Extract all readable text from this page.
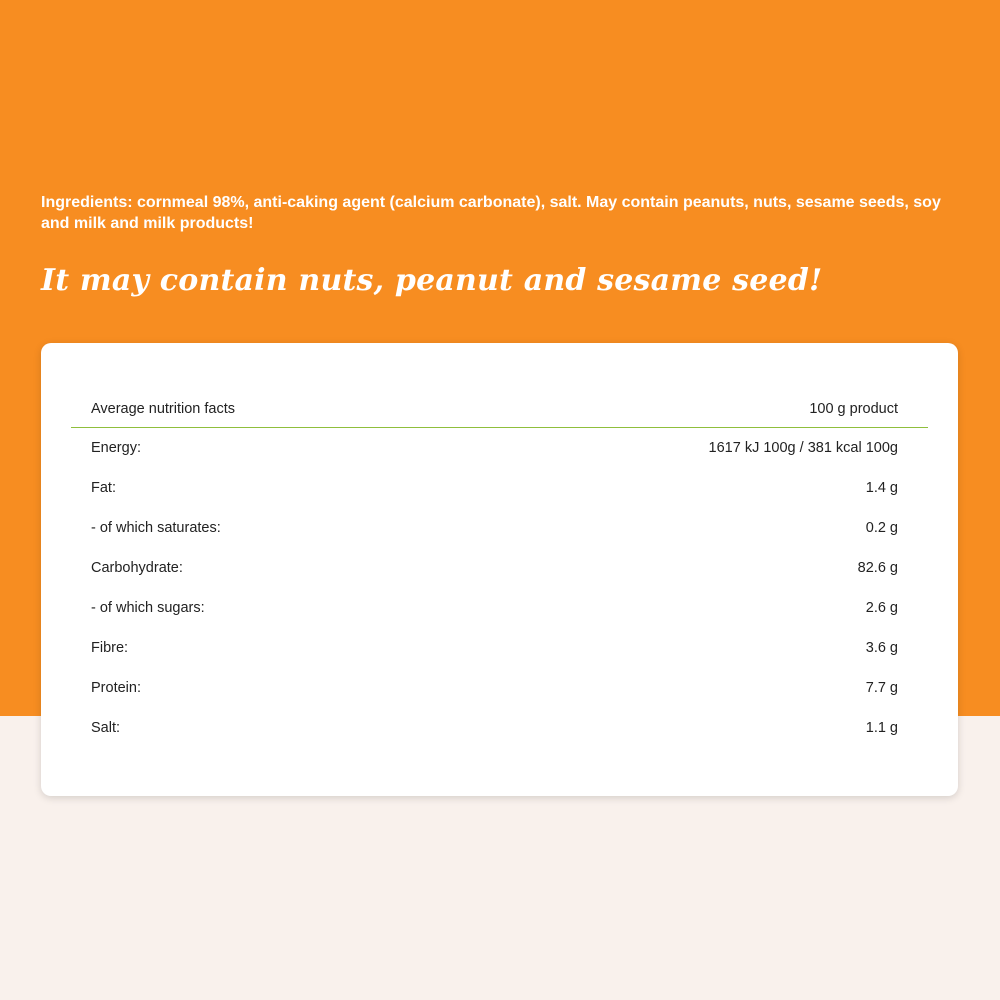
Ingredients: cornmeal 98%, anti-caking agent (calcium carbonate), salt. May contain peanuts, nuts, sesame seeds, soy and milk and milk products!

It may contain nuts, peanut and sesame seed!

Average nutrition facts	100 g product
Energy:	1617 kJ 100g / 381 kcal 100g
Fat:	1.4 g
- of which saturates:	0.2 g
Carbohydrate:	82.6 g
- of which sugars:	2.6 g
Fibre:	3.6 g
Protein:	7.7 g
Salt:	1.1 g
